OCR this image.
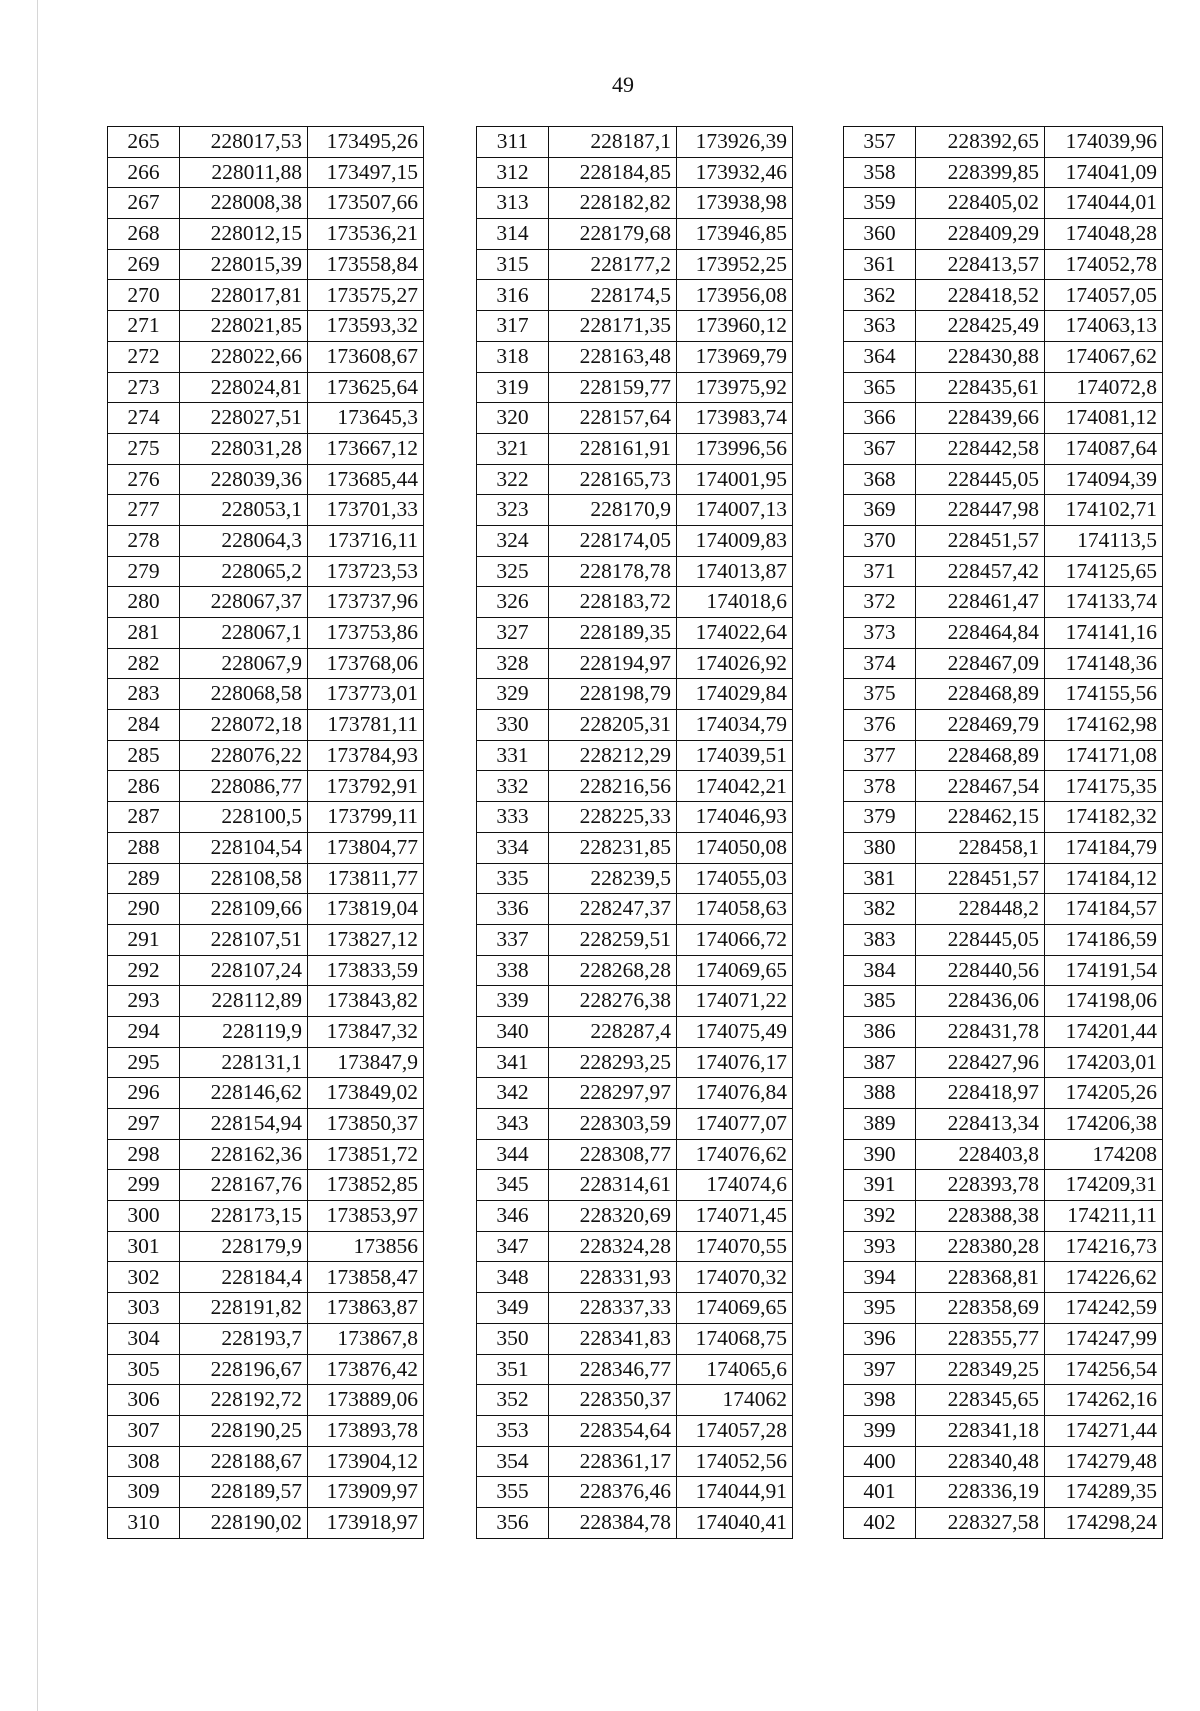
49
265	228017,53	173495,26
266	228011,88	173497,15
267	228008,38	173507,66
268	228012,15	173536,21
269	228015,39	173558,84
270	228017,81	173575,27
271	228021,85	173593,32
272	228022,66	173608,67
273	228024,81	173625,64
274	228027,51	173645,3
275	228031,28	173667,12
276	228039,36	173685,44
277	228053,1	173701,33
278	228064,3	173716,11
279	228065,2	173723,53
280	228067,37	173737,96
281	228067,1	173753,86
282	228067,9	173768,06
283	228068,58	173773,01
284	228072,18	173781,11
285	228076,22	173784,93
286	228086,77	173792,91
287	228100,5	173799,11
288	228104,54	173804,77
289	228108,58	173811,77
290	228109,66	173819,04
291	228107,51	173827,12
292	228107,24	173833,59
293	228112,89	173843,82
294	228119,9	173847,32
295	228131,1	173847,9
296	228146,62	173849,02
297	228154,94	173850,37
298	228162,36	173851,72
299	228167,76	173852,85
300	228173,15	173853,97
301	228179,9	173856
302	228184,4	173858,47
303	228191,82	173863,87
304	228193,7	173867,8
305	228196,67	173876,42
306	228192,72	173889,06
307	228190,25	173893,78
308	228188,67	173904,12
309	228189,57	173909,97
310	228190,02	173918,97
311	228187,1	173926,39
312	228184,85	173932,46
313	228182,82	173938,98
314	228179,68	173946,85
315	228177,2	173952,25
316	228174,5	173956,08
317	228171,35	173960,12
318	228163,48	173969,79
319	228159,77	173975,92
320	228157,64	173983,74
321	228161,91	173996,56
322	228165,73	174001,95
323	228170,9	174007,13
324	228174,05	174009,83
325	228178,78	174013,87
326	228183,72	174018,6
327	228189,35	174022,64
328	228194,97	174026,92
329	228198,79	174029,84
330	228205,31	174034,79
331	228212,29	174039,51
332	228216,56	174042,21
333	228225,33	174046,93
334	228231,85	174050,08
335	228239,5	174055,03
336	228247,37	174058,63
337	228259,51	174066,72
338	228268,28	174069,65
339	228276,38	174071,22
340	228287,4	174075,49
341	228293,25	174076,17
342	228297,97	174076,84
343	228303,59	174077,07
344	228308,77	174076,62
345	228314,61	174074,6
346	228320,69	174071,45
347	228324,28	174070,55
348	228331,93	174070,32
349	228337,33	174069,65
350	228341,83	174068,75
351	228346,77	174065,6
352	228350,37	174062
353	228354,64	174057,28
354	228361,17	174052,56
355	228376,46	174044,91
356	228384,78	174040,41
357	228392,65	174039,96
358	228399,85	174041,09
359	228405,02	174044,01
360	228409,29	174048,28
361	228413,57	174052,78
362	228418,52	174057,05
363	228425,49	174063,13
364	228430,88	174067,62
365	228435,61	174072,8
366	228439,66	174081,12
367	228442,58	174087,64
368	228445,05	174094,39
369	228447,98	174102,71
370	228451,57	174113,5
371	228457,42	174125,65
372	228461,47	174133,74
373	228464,84	174141,16
374	228467,09	174148,36
375	228468,89	174155,56
376	228469,79	174162,98
377	228468,89	174171,08
378	228467,54	174175,35
379	228462,15	174182,32
380	228458,1	174184,79
381	228451,57	174184,12
382	228448,2	174184,57
383	228445,05	174186,59
384	228440,56	174191,54
385	228436,06	174198,06
386	228431,78	174201,44
387	228427,96	174203,01
388	228418,97	174205,26
389	228413,34	174206,38
390	228403,8	174208
391	228393,78	174209,31
392	228388,38	174211,11
393	228380,28	174216,73
394	228368,81	174226,62
395	228358,69	174242,59
396	228355,77	174247,99
397	228349,25	174256,54
398	228345,65	174262,16
399	228341,18	174271,44
400	228340,48	174279,48
401	228336,19	174289,35
402	228327,58	174298,24
